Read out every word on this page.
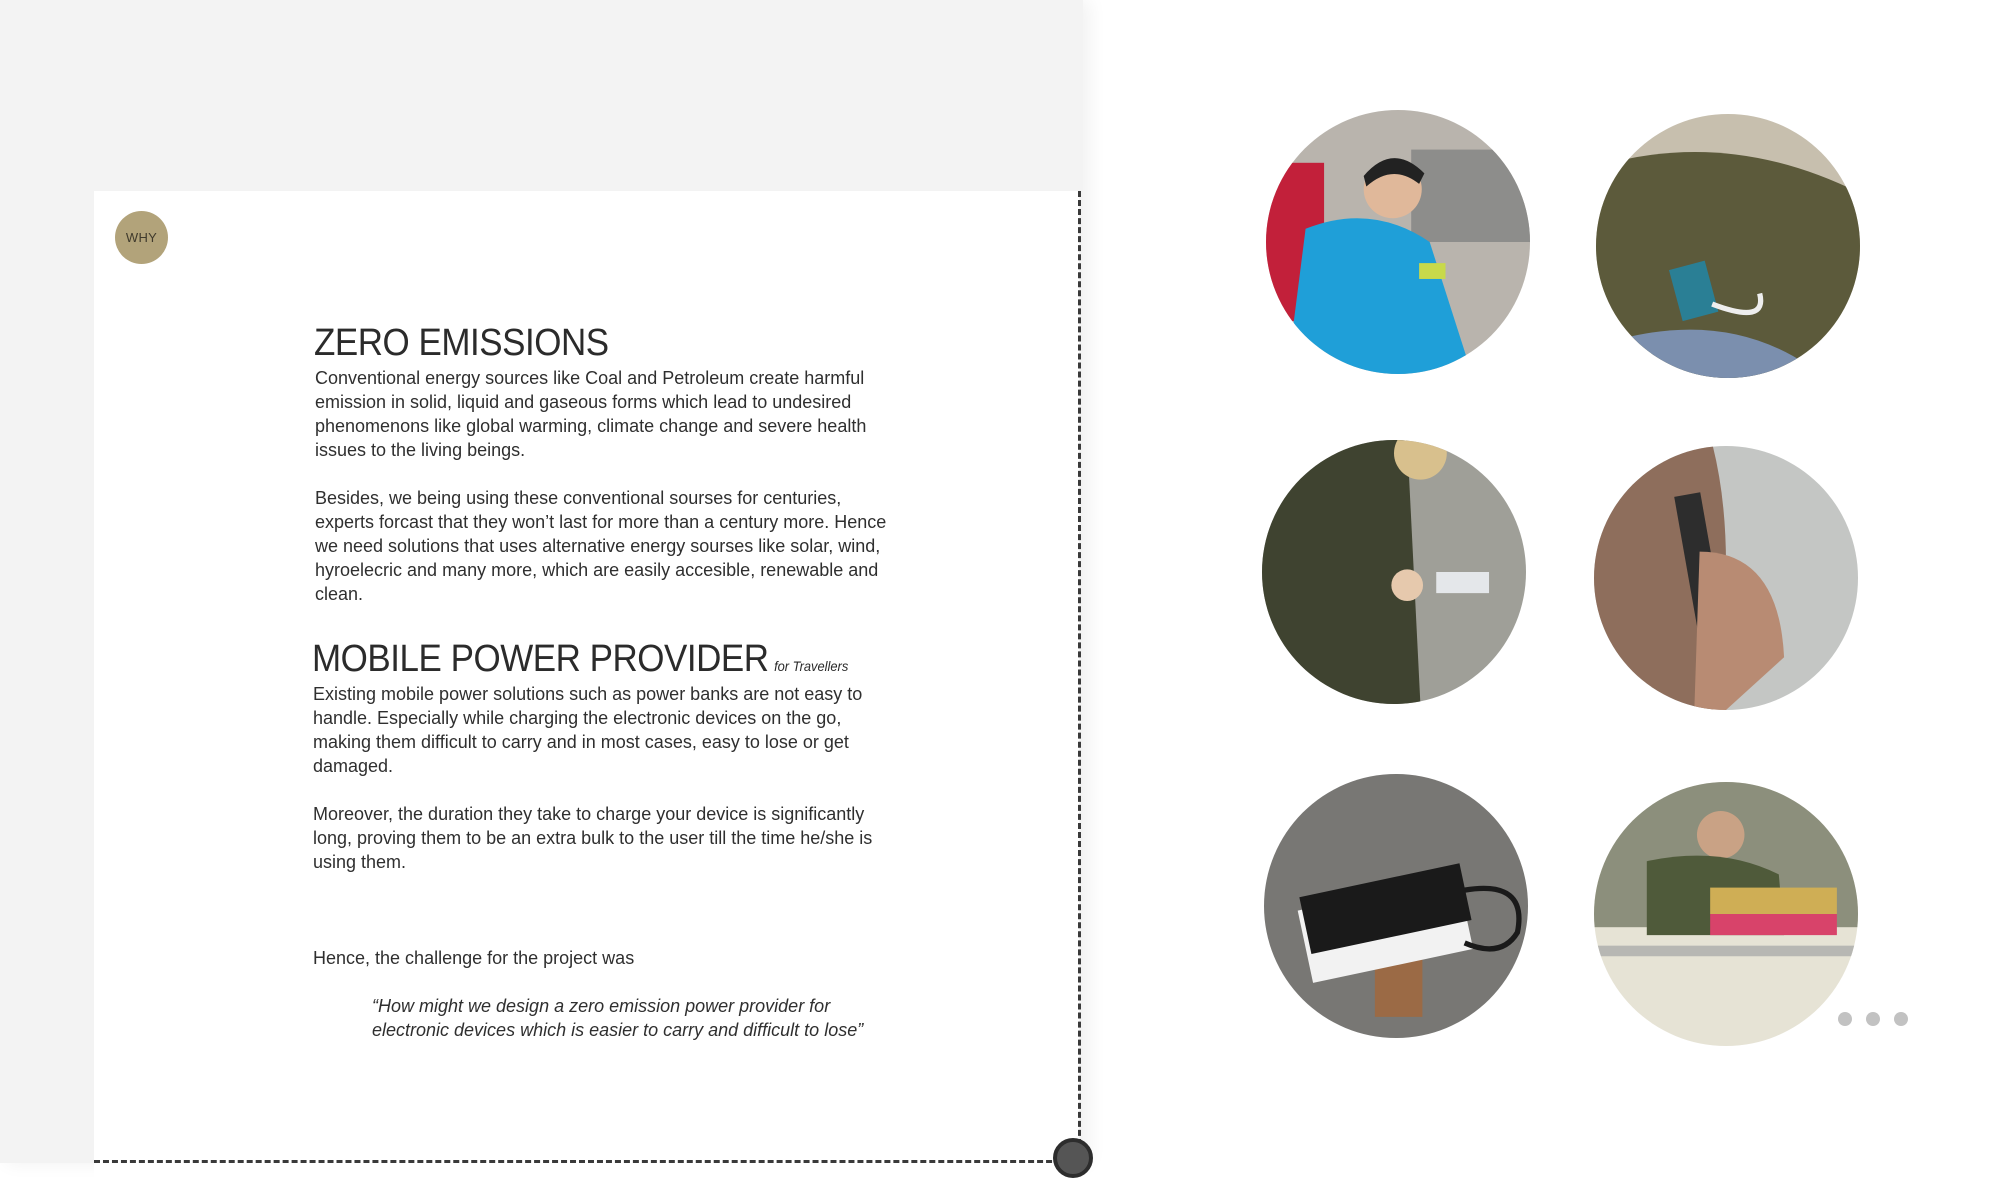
WHY
ZERO EMISSIONS

Conventional energy sources like Coal and Petroleum create harmful emission in solid, liquid and gaseous forms which lead to undesired phenomenons like global warming, climate change and severe health issues to the living beings.

Besides, we being using these conventional sourses for centuries, experts forcast that they won’t last for more than a century more. Hence we need solutions that uses alternative energy sourses like solar, wind, hyroelecric and many more, which are easily accesible, renewable and clean.

MOBILE POWER PROVIDER for Travellers

Existing mobile power solutions such as power banks are not easy to handle. Especially while charging the electronic devices on the go, making them difficult to carry and in most cases, easy to lose or get damaged.

Moreover, the duration they take to charge your device is significantly long, proving them to be an extra bulk to the user till the time he/she is using them.

Hence, the challenge for the project was

“How might we design a zero emission power provider for electronic devices which is easier to carry and difficult to lose”
